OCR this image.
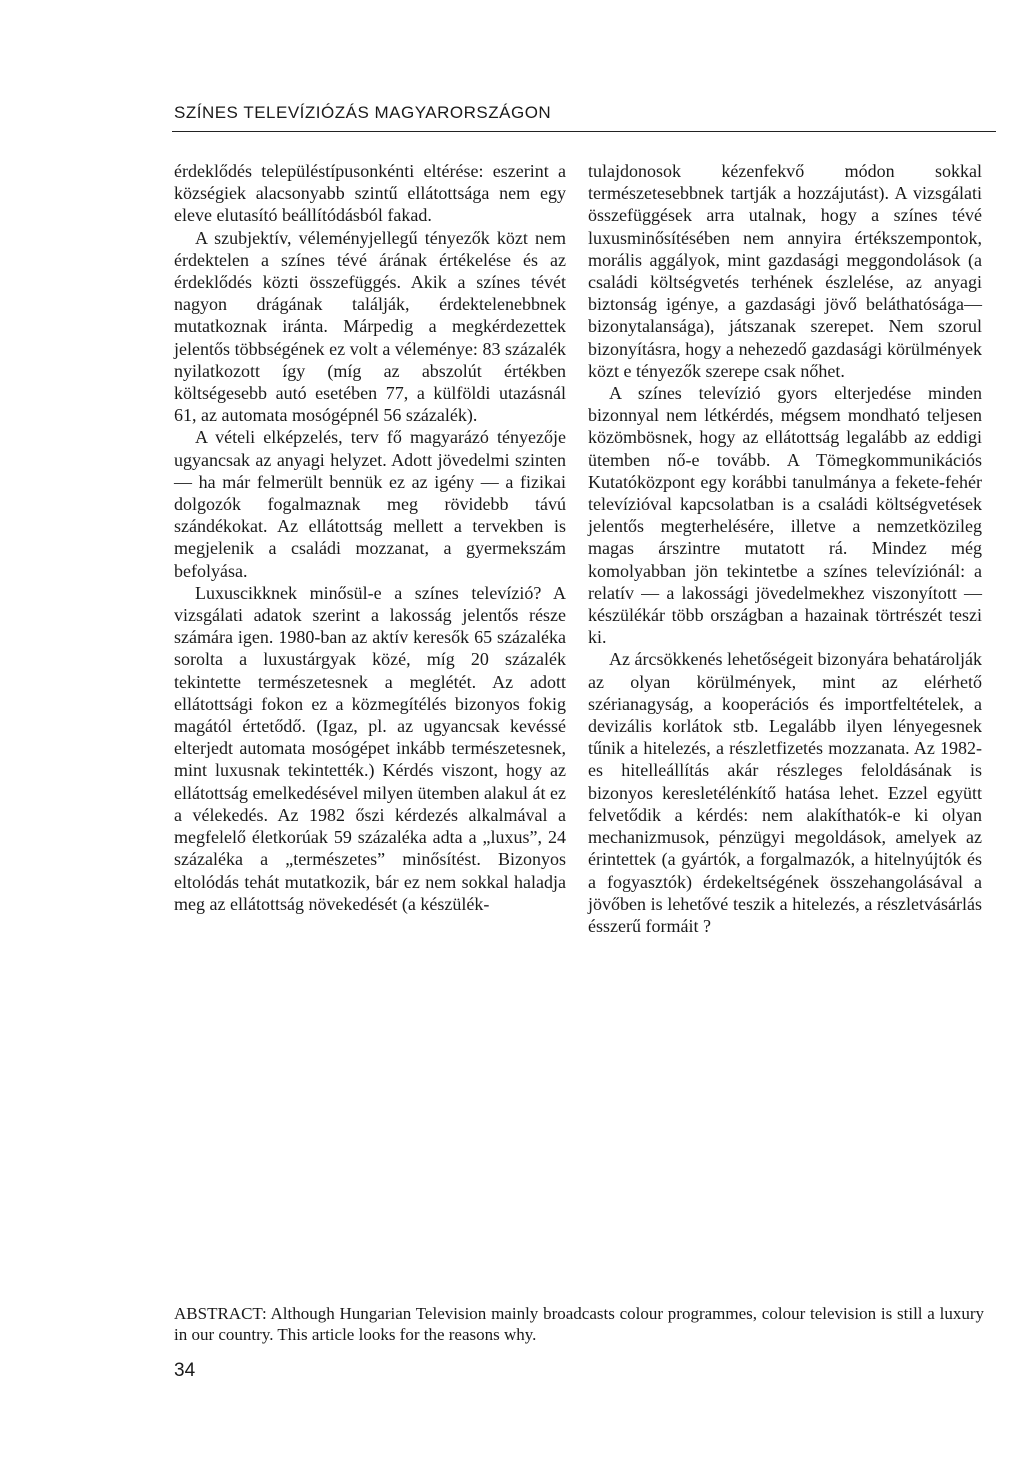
SZÍNES TELEVÍZIÓZÁS MAGYARORSZÁGON

érdeklődés településtípusonkénti eltérése: eszerint a községiek alacsonyabb szintű ellátottsága nem egy eleve elutasító beállítódásból fakad.

A szubjektív, véleményjellegű tényezők közt nem érdektelen a színes tévé árának értékelése és az érdeklődés közti összefüggés. Akik a színes tévét nagyon drágának találják, érdektelenebbnek mutatkoznak iránta. Márpedig a megkérdezettek jelentős többségének ez volt a véleménye: 83 százalék nyilatkozott így (míg az abszolút értékben költségesebb autó esetében 77, a külföldi utazásnál 61, az automata mosógépnél 56 százalék).

A vételi elképzelés, terv fő magyarázó tényezője ugyancsak az anyagi helyzet. Adott jövedelmi szinten — ha már felmerült bennük ez az igény — a fizikai dolgozók fogalmaznak meg rövidebb távú szándékokat. Az ellátottság mellett a tervekben is megjelenik a családi mozzanat, a gyermekszám befolyása.

Luxuscikknek minősül-e a színes televízió? A vizsgálati adatok szerint a lakosság jelentős része számára igen. 1980-ban az aktív keresők 65 százaléka sorolta a luxustárgyak közé, míg 20 százalék tekintette természetesnek a meglétét. Az adott ellátottsági fokon ez a közmegítélés bizonyos fokig magától értetődő. (Igaz, pl. az ugyancsak kevéssé elterjedt automata mosógépet inkább természetesnek, mint luxusnak tekintették.) Kérdés viszont, hogy az ellátottság emelkedésével milyen ütemben alakul át ez a vélekedés. Az 1982 őszi kérdezés alkalmával a megfelelő életkorúak 59 százaléka adta a „luxus”, 24 százaléka a „természetes” minősítést. Bizonyos eltolódás tehát mutatkozik, bár ez nem sokkal haladja meg az ellátottság növekedését (a készülék-

tulajdonosok kézenfekvő módon sokkal természetesebbnek tartják a hozzájutást). A vizsgálati összefüggések arra utalnak, hogy a színes tévé luxusminősítésében nem annyira értékszempontok, morális aggályok, mint gazdasági meggondolások (a családi költségvetés terhének észlelése, az anyagi biztonság igénye, a gazdasági jövő beláthatósága—bizonytalansága), játszanak szerepet. Nem szorul bizonyításra, hogy a nehezedő gazdasági körülmények közt e tényezők szerepe csak nőhet.

A színes televízió gyors elterjedése minden bizonnyal nem létkérdés, mégsem mondható teljesen közömbösnek, hogy az ellátottság legalább az eddigi ütemben nő-e tovább. A Tömegkommunikációs Kutatóközpont egy korábbi tanulmánya a fekete-fehér televízióval kapcsolatban is a családi költségvetések jelentős megterhelésére, illetve a nemzetközileg magas árszintre mutatott rá. Mindez még komolyabban jön tekintetbe a színes televíziónál: a relatív — a lakossági jövedelmekhez viszonyított — készülékár több országban a hazainak törtrészét teszi ki.

Az árcsökkenés lehetőségeit bizonyára behatárolják az olyan körülmények, mint az elérhető szérianagyság, a kooperációs és importfeltételek, a devizális korlátok stb. Legalább ilyen lényegesnek tűnik a hitelezés, a részletfizetés mozzanata. Az 1982-es hitelleállítás akár részleges feloldásának is bizonyos keresletélénkítő hatása lehet. Ezzel együtt felvetődik a kérdés: nem alakíthatók-e ki olyan mechanizmusok, pénzügyi megoldások, amelyek az érintettek (a gyártók, a forgalmazók, a hitelnyújtók és a fogyasztók) érdekeltségének összehangolásával a jövőben is lehetővé teszik a hitelezés, a részletvásárlás ésszerű formáit ?

ABSTRACT: Although Hungarian Television mainly broadcasts colour programmes, colour television is still a luxury in our country. This article looks for the reasons why.
34
